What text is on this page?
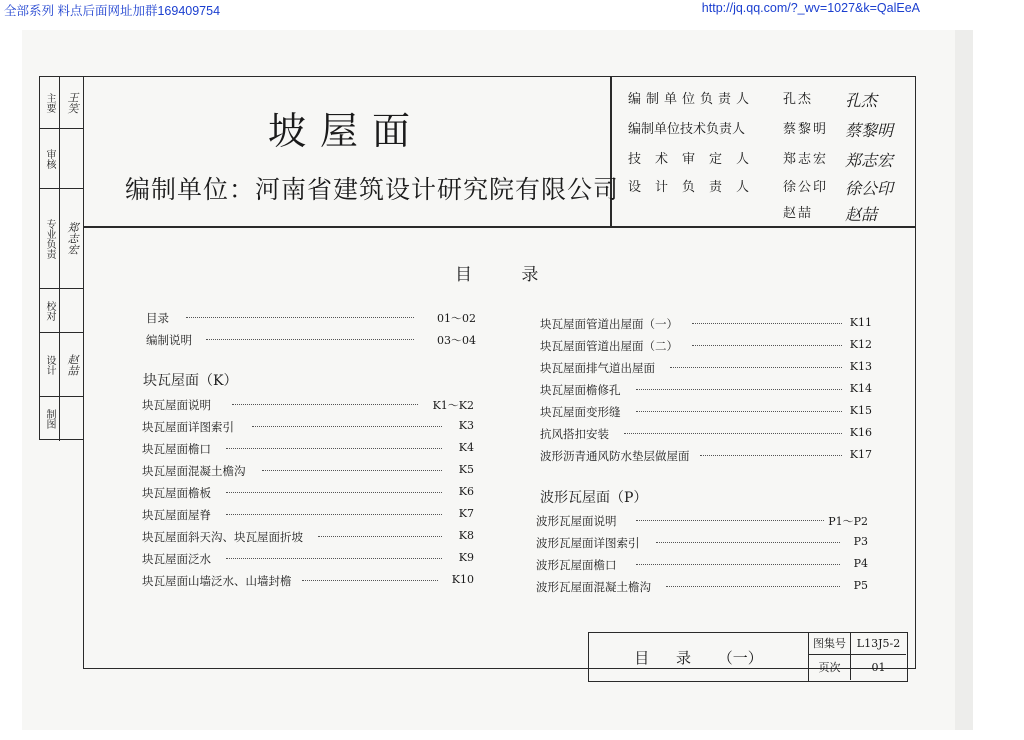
全部系列 料点后面网址加群169409754	http://jq.qq.com/?_wv=1027&k=QalEeA
坡屋面
编制单位：河南省建筑设计研究院有限公司
编制单位负责人	孔杰 孔杰
编制单位技术负责人	蔡黎明 蔡黎明
技术审定人	郑志宏 郑志宏
设计负责人	徐公印 徐公印
赵喆 赵喆
主要	王笑
审核
专业负责	郑志宏
校对
设计	赵喆
制图
目 录
目录	01～02
编制说明	03～04
块瓦屋面（K）
块瓦屋面说明	K1～K2
块瓦屋面详图索引	K3
块瓦屋面檐口	K4
块瓦屋面混凝土檐沟	K5
块瓦屋面檐板	K6
块瓦屋面屋脊	K7
块瓦屋面斜天沟、块瓦屋面折坡	K8
块瓦屋面泛水	K9
块瓦屋面山墙泛水、山墙封檐	K10
块瓦屋面管道出屋面（一）	K11
块瓦屋面管道出屋面（二）	K12
块瓦屋面排气道出屋面	K13
块瓦屋面檐修孔	K14
块瓦屋面变形缝	K15
抗风搭扣安装	K16
波形沥青通风防水垫层做屋面	K17
波形瓦屋面（P）
波形瓦屋面说明	P1～P2
波形瓦屋面详图索引	P3
波形瓦屋面檐口	P4
波形瓦屋面混凝土檐沟	P5
目 录 （一）
图集号 L13J5-2
页次	01
